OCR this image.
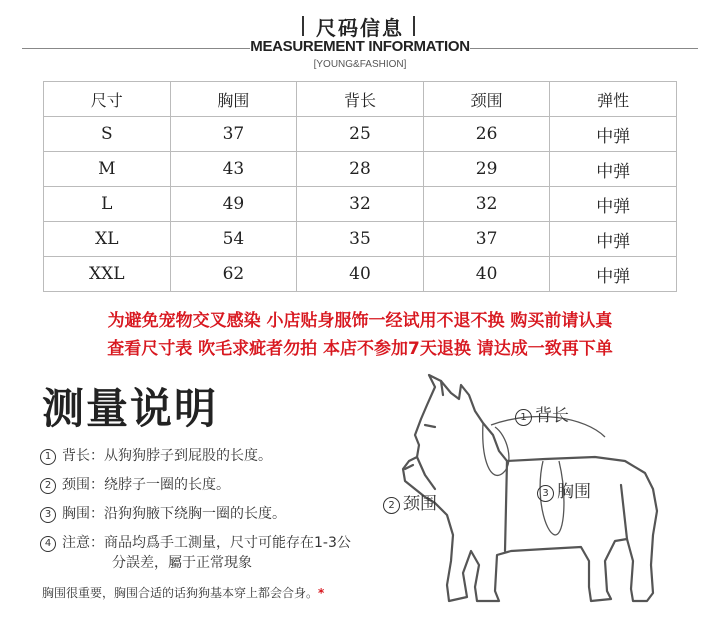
尺码信息
MEASUREMENT INFORMATION
[YOUNG&FASHION]
尺寸	胸围	背长	颈围	弹性
S	37	25	26	中弹
M	43	28	29	中弹
L	49	32	32	中弹
XL	54	35	37	中弹
XXL	62	40	40	中弹
为避免宠物交叉感染 小店贴身服饰一经试用不退不换 购买前请认真
查看尺寸表 吹毛求疵者勿拍 本店不参加7天退换 请达成一致再下单
测量说明
1 背长：从狗狗脖子到屁股的长度。
2 颈围：绕脖子一圈的长度。
3 胸围：沿狗狗腋下绕胸一圈的长度。
4 注意：商品均爲手工測量，尺寸可能存在1-3公
分誤差，屬于正常現象
胸围很重要，胸围合适的话狗狗基本穿上都会合身。*
1 背长
2 颈围
3 胸围
